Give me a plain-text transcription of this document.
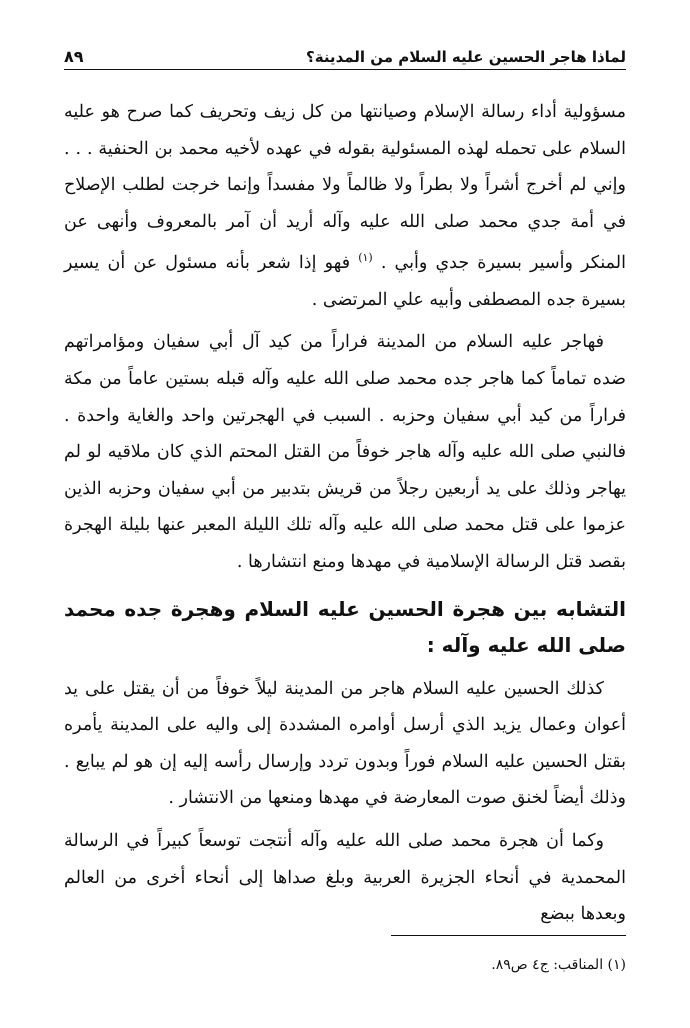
لماذا هاجر الحسين عليه السلام من المدينة؟
٨٩

مسؤولية أداء رسالة الإسلام وصيانتها من كل زيف وتحريف كما صرح هو عليه السلام على تحمله لهذه المسئولية بقوله في عهده لأخيه محمد بن الحنفية . . . وإني لم أخرج أشراً ولا بطراً ولا ظالماً ولا مفسداً وإنما خرجت لطلب الإصلاح في أمة جدي محمد صلى الله عليه وآله أريد أن آمر بالمعروف وأنهى عن المنكر وأسير بسيرة جدي وأبي . $^{(١)}$ فهو إذا شعر بأنه مسئول عن أن يسير بسيرة جده المصطفى وأبيه علي المرتضى .

فهاجر عليه السلام من المدينة فراراً من كيد آل أبي سفيان ومؤامراتهم ضده تماماً كما هاجر جده محمد صلى الله عليه وآله قبله بستين عاماً من مكة فراراً من كيد أبي سفيان وحزبه . السبب في الهجرتين واحد والغاية واحدة . فالنبي صلى الله عليه وآله هاجر خوفاً من القتل المحتم الذي كان ملاقيه لو لم يهاجر وذلك على يد أربعين رجلاً من قريش بتدبير من أبي سفيان وحزبه الذين عزموا على قتل محمد صلى الله عليه وآله تلك الليلة المعبر عنها بليلة الهجرة بقصد قتل الرسالة الإسلامية في مهدها ومنع انتشارها .

التشابه بين هجرة الحسين عليه السلام وهجرة جده محمد صلى الله عليه وآله :

كذلك الحسين عليه السلام هاجر من المدينة ليلاً خوفاً من أن يقتل على يد أعوان وعمال يزيد الذي أرسل أوامره المشددة إلى واليه على المدينة يأمره بقتل الحسين عليه السلام فوراً وبدون تردد وإرسال رأسه إليه إن هو لم يبايع . وذلك أيضاً لخنق صوت المعارضة في مهدها ومنعها من الانتشار .

وكما أن هجرة محمد صلى الله عليه وآله أنتجت توسعاً كبيراً في الرسالة المحمدية في أنحاء الجزيرة العربية وبلغ صداها إلى أنحاء أخرى من العالم وبعدها ببضع

(١) المناقب: ج٤ ص٨٩.
